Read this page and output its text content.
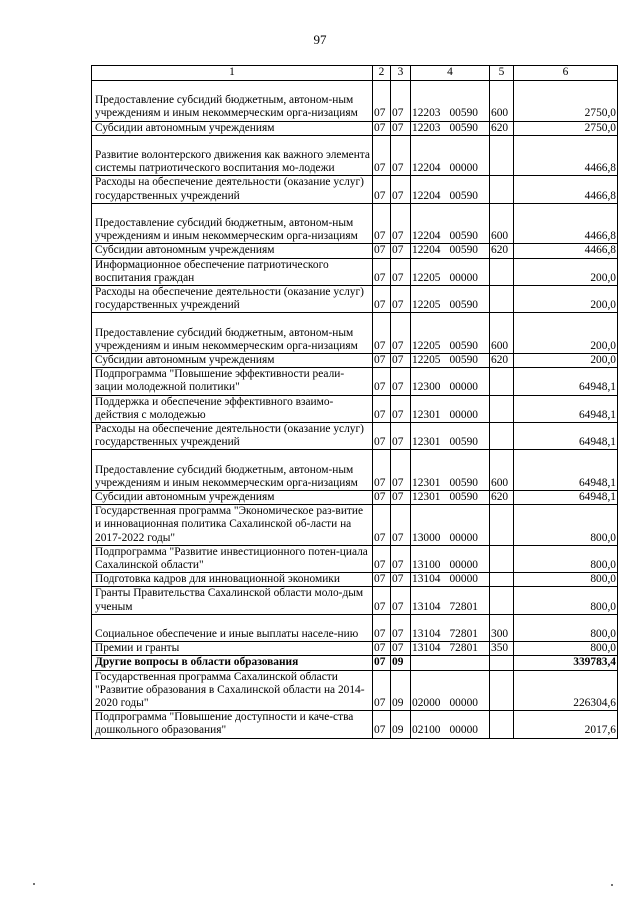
97
1	2	3	4	5	6
Предоставление субсидий бюджетным, автоном-ным учреждениям и иным некоммерческим орга-низациям	07	07	12203 00590	600	2750,0
Субсидии автономным учреждениям	07	07	12203 00590	620	2750,0
Развитие волонтерского движения как важного элемента системы патриотического воспитания мо-лодежи	07	07	12204 00000		4466,8
Расходы на обеспечение деятельности (оказание услуг) государственных учреждений	07	07	12204 00590		4466,8
Предоставление субсидий бюджетным, автоном-ным учреждениям и иным некоммерческим орга-низациям	07	07	12204 00590	600	4466,8
Субсидии автономным учреждениям	07	07	12204 00590	620	4466,8
Информационное обеспечение патриотического воспитания граждан	07	07	12205 00000		200,0
Расходы на обеспечение деятельности (оказание услуг) государственных учреждений	07	07	12205 00590		200,0
Предоставление субсидий бюджетным, автоном-ным учреждениям и иным некоммерческим орга-низациям	07	07	12205 00590	600	200,0
Субсидии автономным учреждениям	07	07	12205 00590	620	200,0
Подпрограмма "Повышение эффективности реали-зации молодежной политики"	07	07	12300 00000		64948,1
Поддержка и обеспечение эффективного взаимо-действия с молодежью	07	07	12301 00000		64948,1
Расходы на обеспечение деятельности (оказание услуг) государственных учреждений	07	07	12301 00590		64948,1
Предоставление субсидий бюджетным, автоном-ным учреждениям и иным некоммерческим орга-низациям	07	07	12301 00590	600	64948,1
Субсидии автономным учреждениям	07	07	12301 00590	620	64948,1
Государственная программа "Экономическое раз-витие и инновационная политика Сахалинской об-ласти на 2017-2022 годы"	07	07	13000 00000		800,0
Подпрограмма "Развитие инвестиционного потен-циала Сахалинской области"	07	07	13100 00000		800,0
Подготовка кадров для инновационной экономики	07	07	13104 00000		800,0
Гранты Правительства Сахалинской области моло-дым ученым	07	07	13104 72801		800,0
Социальное обеспечение и иные выплаты населе-нию	07	07	13104 72801	300	800,0
Премии и гранты	07	07	13104 72801	350	800,0
Другие вопросы в области образования	07	09			339783,4
Государственная программа Сахалинской области "Развитие образования в Сахалинской области на 2014-2020 годы"	07	09	02000 00000		226304,6
Подпрограмма "Повышение доступности и каче-ства дошкольного образования"	07	09	02100 00000		2017,6
